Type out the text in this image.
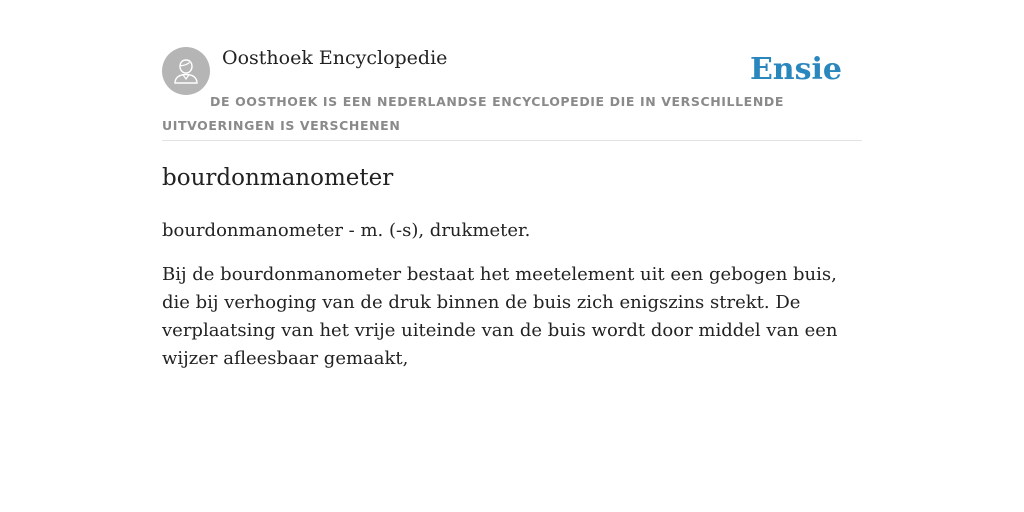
Oosthoek Encyclopedie	Ensie
DE OOSTHOEK IS EEN NEDERLANDSE ENCYCLOPEDIE DIE IN VERSCHILLENDE UITVOERINGEN IS VERSCHENEN
bourdonmanometer

bourdonmanometer - m. (-s), drukmeter.

Bij de bourdonmanometer bestaat het meetelement uit een gebogen buis, die bij verhoging van de druk binnen de buis zich enigszins strekt. De verplaatsing van het vrije uiteinde van de buis wordt door middel van een wijzer afleesbaar gemaakt,
